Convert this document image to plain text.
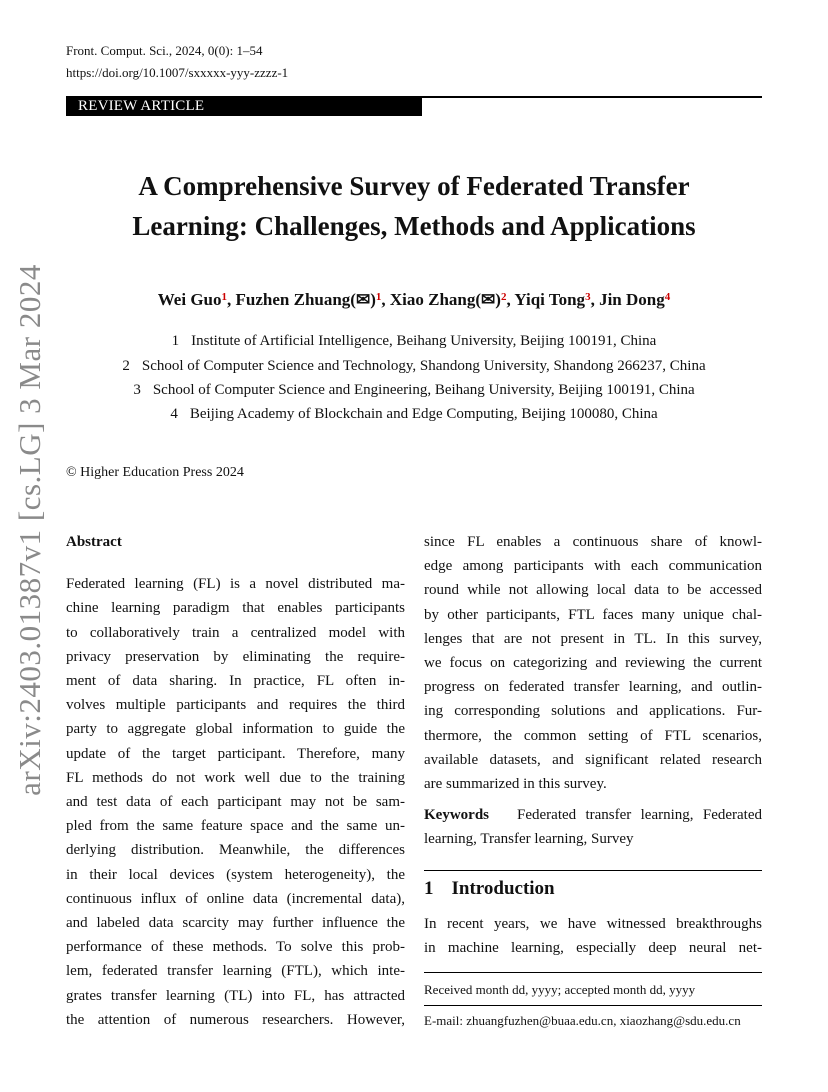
Front. Comput. Sci., 2024, 0(0): 1–54
https://doi.org/10.1007/sxxxxx-yyy-zzzz-1
REVIEW ARTICLE
A Comprehensive Survey of Federated Transfer
Learning: Challenges, Methods and Applications
Wei Guo$^1$, Fuzhen Zhuang(✉)$^1$, Xiao Zhang(✉)$^2$, Yiqi Tong$^3$, Jin Dong$^4$
1 Institute of Artificial Intelligence, Beihang University, Beijing 100191, China
2 School of Computer Science and Technology, Shandong University, Shandong 266237, China
3 School of Computer Science and Engineering, Beihang University, Beijing 100191, China
4 Beijing Academy of Blockchain and Edge Computing, Beijing 100080, China
© Higher Education Press 2024
arXiv:2403.01387v1 [cs.LG] 3 Mar 2024 Abstract
Federated learning (FL) is a novel distributed ma-
chine learning paradigm that enables participants
to collaboratively train a centralized model with
privacy preservation by eliminating the require-
ment of data sharing. In practice, FL often in-
volves multiple participants and requires the third
party to aggregate global information to guide the
update of the target participant. Therefore, many
FL methods do not work well due to the training
and test data of each participant may not be sam-
pled from the same feature space and the same un-
derlying distribution. Meanwhile, the differences
in their local devices (system heterogeneity), the
continuous influx of online data (incremental data),
and labeled data scarcity may further influence the
performance of these methods. To solve this prob-
lem, federated transfer learning (FTL), which inte-
grates transfer learning (TL) into FL, has attracted
the attention of numerous researchers. However,
since FL enables a continuous share of knowl-
edge among participants with each communication
round while not allowing local data to be accessed
by other participants, FTL faces many unique chal-
lenges that are not present in TL. In this survey,
we focus on categorizing and reviewing the current
progress on federated transfer learning, and outlin-
ing corresponding solutions and applications. Fur-
thermore, the common setting of FTL scenarios,
available datasets, and significant related research
are summarized in this survey.
Keywords Federated transfer learning, Federated
learning, Transfer learning, Survey
1 Introduction
In recent years, we have witnessed breakthroughs
in machine learning, especially deep neural net-
Received month dd, yyyy; accepted month dd, yyyy
E-mail: zhuangfuzhen@buaa.edu.cn, xiaozhang@sdu.edu.cn
